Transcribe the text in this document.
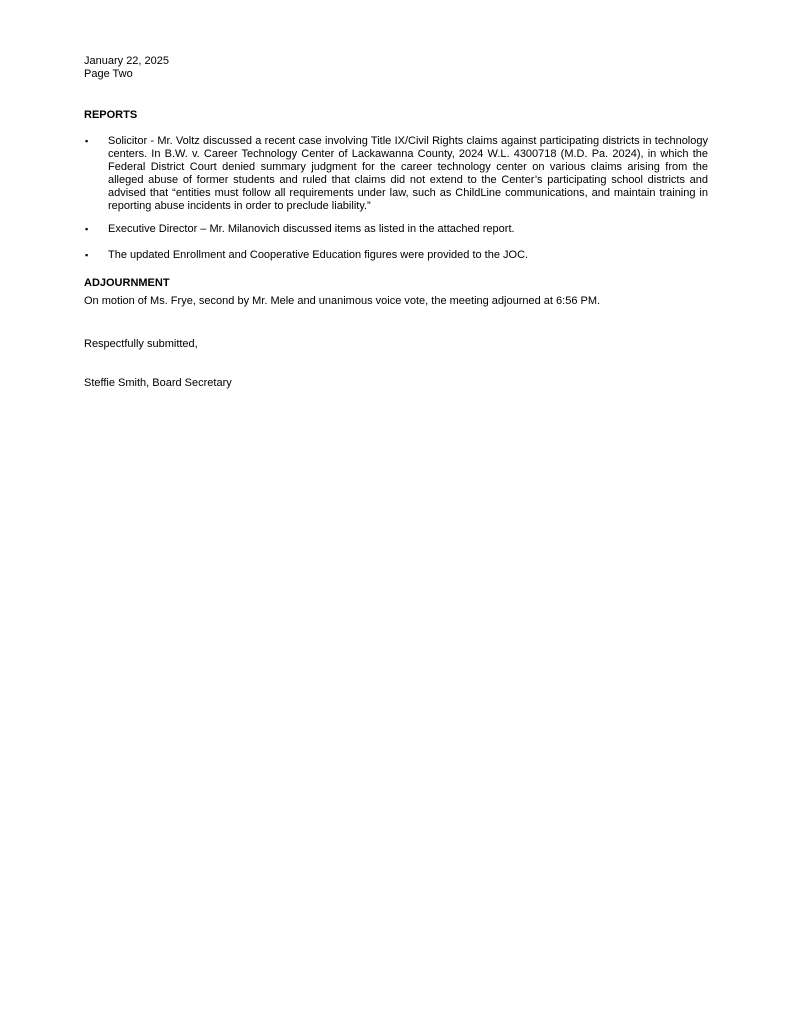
January 22, 2025
Page Two
REPORTS
▪ Solicitor - Mr. Voltz discussed a recent case involving Title IX/Civil Rights claims against participating districts in technology centers. In B.W. v. Career Technology Center of Lackawanna County, 2024 W.L. 4300718 (M.D. Pa. 2024), in which the Federal District Court denied summary judgment for the career technology center on various claims arising from the alleged abuse of former students and ruled that claims did not extend to the Center’s participating school districts and advised that “entities must follow all requirements under law, such as ChildLine communications, and maintain training in reporting abuse incidents in order to preclude liability.”
▪ Executive Director – Mr. Milanovich discussed items as listed in the attached report.
▪ The updated Enrollment and Cooperative Education figures were provided to the JOC.
ADJOURNMENT
On motion of Ms. Frye, second by Mr. Mele and unanimous voice vote, the meeting adjourned at 6:56 PM.
Respectfully submitted,
Steffie Smith, Board Secretary
